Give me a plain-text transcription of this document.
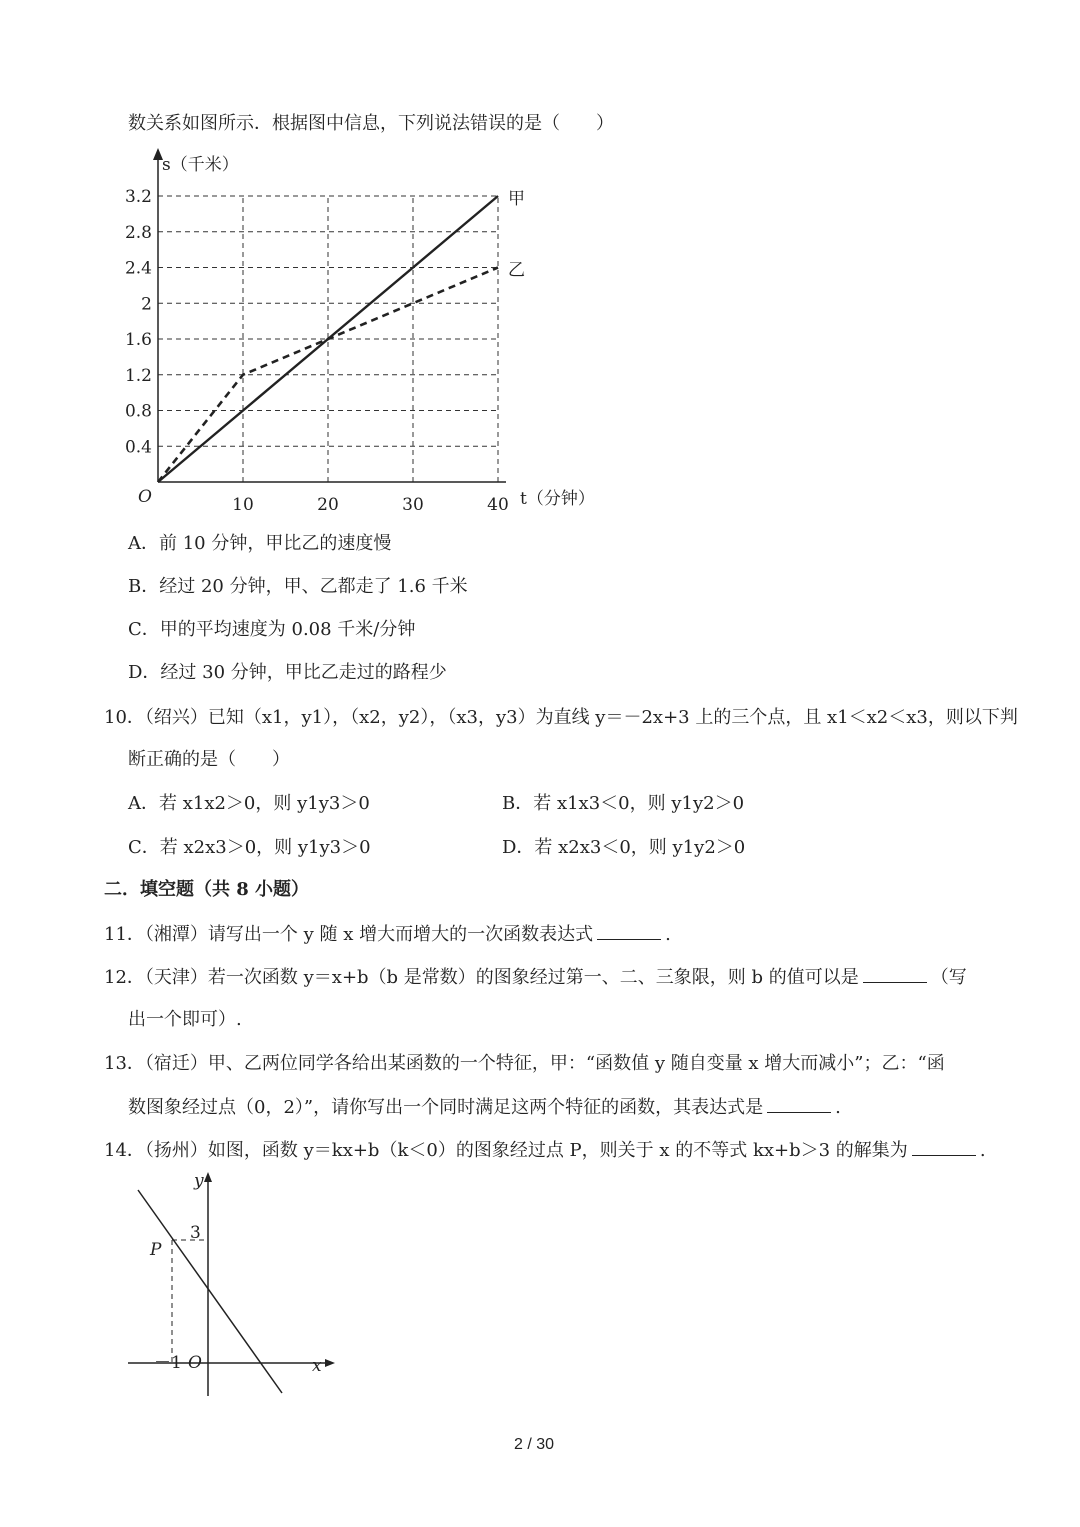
数关系如图所示．根据图中信息，下列说法错误的是（　　）
0.4
0.8
1.2
1.6
2
2.4
2.8
3.2
10	20	30	40
甲
乙
s（千米）
t（分钟）
O
A．前 10 分钟，甲比乙的速度慢
B．经过 20 分钟，甲、乙都走了 1.6 千米
C．甲的平均速度为 0.08 千米/分钟
D．经过 30 分钟，甲比乙走过的路程少
10．（绍兴）已知（x1，y1），（x2，y2），（x3，y3）为直线 y＝－2x+3 上的三个点，且 x1＜x2＜x3，则以下判
断正确的是（　　）
A．若 x1x2＞0，则 y1y3＞0	B．若 x1x3＜0，则 y1y2＞0
C．若 x2x3＞0，则 y1y3＞0	D．若 x2x3＜0，则 y1y2＞0
二．填空题（共 8 小题）
11．（湘潭）请写出一个 y 随 x 增大而增大的一次函数表达式	.
12．（天津）若一次函数 y＝x+b（b 是常数）的图象经过第一、二、三象限，则 b 的值可以是	（写
出一个即可）.
13．（宿迁）甲、乙两位同学各给出某函数的一个特征，甲：“函数值 y 随自变量 x 增大而减小”；乙：“函
数图象经过点（0，2）”，请你写出一个同时满足这两个特征的函数，其表达式是	.
14．（扬州）如图，函数 y＝kx+b（k＜0）的图象经过点 P，则关于 x 的不等式 kx+b＞3 的解集为	.
y
x
O
3
－1
P
2 / 30
